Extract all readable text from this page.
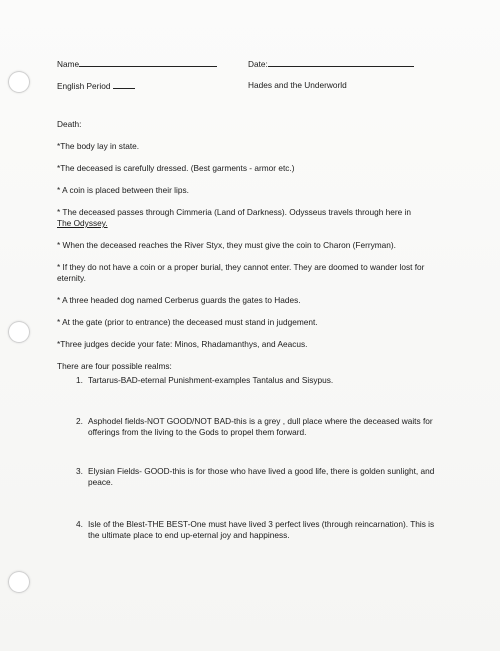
Name	Date:
English Period	Hades and the Underworld

Death:

*The body lay in state.

*The deceased is carefully dressed. (Best garments - armor etc.)

* A coin is placed between their lips.

* The deceased passes through Cimmeria (Land of Darkness). Odysseus travels through here in

The Odyssey.

* When the deceased reaches the River Styx, they must give the coin to Charon (Ferryman).

* If they do not have a coin or a proper burial, they cannot enter. They are doomed to wander lost for eternity.

* A three headed dog named Cerberus guards the gates to Hades.

* At the gate (prior to entrance) the deceased must stand in judgement.

*Three judges decide your fate: Minos, Rhadamanthys, and Aeacus.

There are four possible realms:

1. Tartarus-BAD-eternal Punishment-examples Tantalus and Sisypus.
2. Asphodel fields-NOT GOOD/NOT BAD-this is a grey , dull place where the deceased waits for offerings from the living to the Gods to propel them forward.
3. Elysian Fields- GOOD-this is for those who have lived a good life, there is golden sunlight, and peace.
4. Isle of the Blest-THE BEST-One must have lived 3 perfect lives (through reincarnation). This is the ultimate place to end up-eternal joy and happiness.
